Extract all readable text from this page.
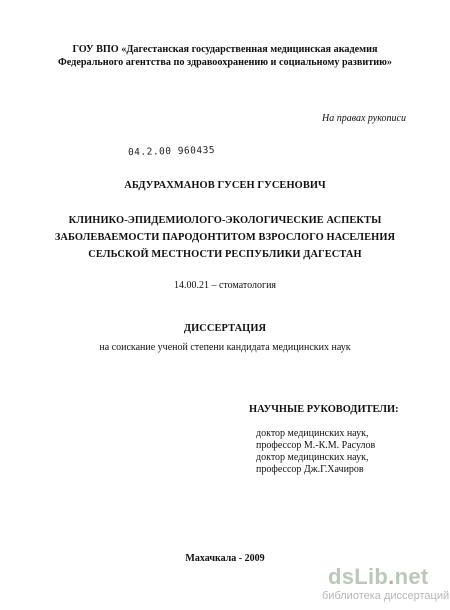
ГОУ ВПО «Дагестанская государственная медицинская академия
Федерального агентства по здравоохранению и социальному развитию»
На правах рукописи
04.2.00 960435
АБДУРАХМАНОВ ГУСЕН ГУСЕНОВИЧ
КЛИНИКО-ЭПИДЕМИОЛОГО-ЭКОЛОГИЧЕСКИЕ АСПЕКТЫ
ЗАБОЛЕВАЕМОСТИ ПАРОДОНТИТОМ ВЗРОСЛОГО НАСЕЛЕНИЯ
СЕЛЬСКОЙ МЕСТНОСТИ РЕСПУБЛИКИ ДАГЕСТАН
14.00.21 – стоматология
ДИССЕРТАЦИЯ
на соискание ученой степени кандидата медицинских наук
НАУЧНЫЕ РУКОВОДИТЕЛИ:
доктор медицинских наук,
профессор М.-К.М. Расулов
доктор медицинских наук,
профессор Дж.Г.Хачиров
Махачкала - 2009
dsLib.net
библиотека диссертаций
